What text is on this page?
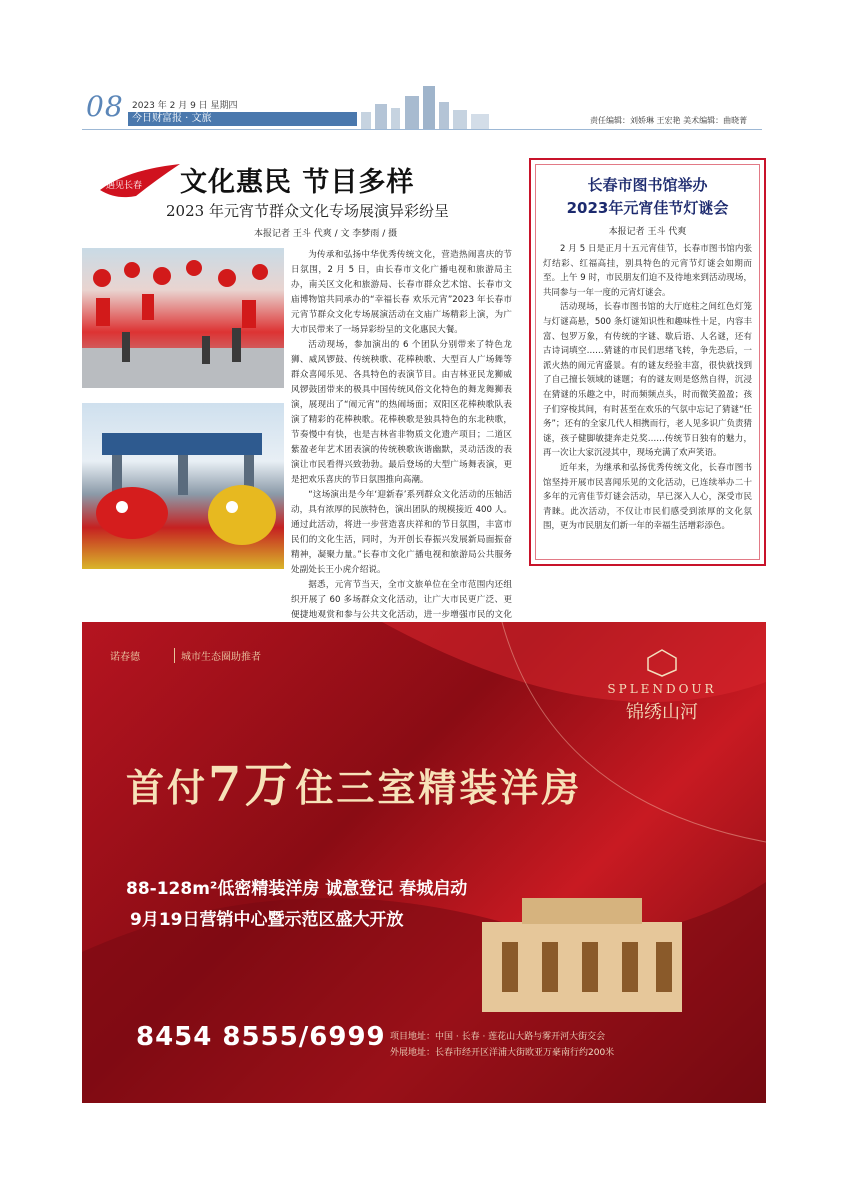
08 2023 年 2 月 9 日 星期四
今日财富报 · 文旅	责任编辑：刘娇琳 王宏艳 美术编辑：曲晓菁
遇见长春 文化惠民 节目多样
2023 年元宵节群众文化专场展演异彩纷呈
本报记者 王斗 代爽 / 文 李梦雨 / 摄

为传承和弘扬中华优秀传统文化，营造热闹喜庆的节日氛围，2 月 5 日，由长春市文化广播电视和旅游局主办，南关区文化和旅游局、长春市群众艺术馆、长春市文庙博物馆共同承办的“幸福长春 欢乐元宵”2023 年长春市元宵节群众文化专场展演活动在文庙广场精彩上演，为广大市民带来了一场异彩纷呈的文化惠民大餐。

活动现场，参加演出的 6 个团队分别带来了特色龙狮、威风锣鼓、传统秧歌、花棒秧歌、大型百人广场舞等群众喜闻乐见、各具特色的表演节目。由吉林亚民龙狮威风锣鼓团带来的极具中国传统风俗文化特色的舞龙舞狮表演，展现出了“闹元宵”的热闹场面；双阳区花棒秧歌队表演了精彩的花棒秧歌。花棒秧歌是独具特色的东北秧歌，节奏慢中有快，也是吉林省非物质文化遗产项目；二道区紫盈老年艺术团表演的传统秧歌诙谐幽默，灵动活泼的表演让市民看得兴致勃勃。最后登场的大型广场舞表演，更是把欢乐喜庆的节日氛围推向高潮。

“这场演出是今年‘迎新春’系列群众文化活动的压轴活动，具有浓厚的民族特色，演出团队的规模接近 400 人。通过此活动，将进一步营造喜庆祥和的节日氛围，丰富市民们的文化生活，同时，为开创长春振兴发展新局面振奋精神，凝聚力量。”长春市文化广播电视和旅游局公共服务处副处长王小虎介绍说。

据悉，元宵节当天，全市文旅单位在全市范围内还组织开展了 60 多场群众文化活动，让广大市民更广泛、更便捷地观赏和参与公共文化活动，进一步增强市民的文化

长春市图书馆举办
2023年元宵佳节灯谜会
本报记者 王斗 代爽

2 月 5 日是正月十五元宵佳节，长春市图书馆内张灯结彩、红福高挂，别具特色的元宵节灯谜会如期而至。上午 9 时，市民朋友们迫不及待地来到活动现场，共同参与一年一度的元宵灯谜会。

活动现场，长春市图书馆的大厅庭柱之间红色灯笼与灯谜高悬，500 条灯谜知识性和趣味性十足，内容丰富、包罗万象，有传统的字谜、歇后语、人名谜，还有古诗词填空……猜谜的市民们思绪飞转，争先恐后，一派火热的闹元宵盛景。有的谜友经验丰富，很快就找到了自己擅长领域的谜题；有的谜友则是悠然自得，沉浸在猜谜的乐趣之中，时而频频点头，时而微笑盈盈；孩子们穿梭其间，有时甚至在欢乐的气氛中忘记了猜谜“任务”；还有的全家几代人相携而行，老人见多识广负责猜谜，孩子健脚敏捷奔走兑奖……传统节日独有的魅力，再一次让大家沉浸其中，现场充满了欢声笑语。

近年来，为继承和弘扬优秀传统文化，长春市图书馆坚持开展市民喜闻乐见的文化活动，已连续举办二十多年的元宵佳节灯谜会活动，早已深入人心，深受市民青睐。此次活动，不仅让市民们感受到浓厚的文化氛围，更为市民朋友们新一年的幸福生活增彩添色。

诺春德	城市生态圈助推者
SPLENDOUR
锦绣山河
首付7万住三室精装洋房
88-128m²低密精装洋房 诚意登记 春城启动
9月19日营销中心暨示范区盛大开放
8454 8555/6999 项目地址：中国 · 长春 · 莲花山大路与雾开河大街交会
外展地址：长春市经开区洋浦大街欧亚万豪南行约200米
